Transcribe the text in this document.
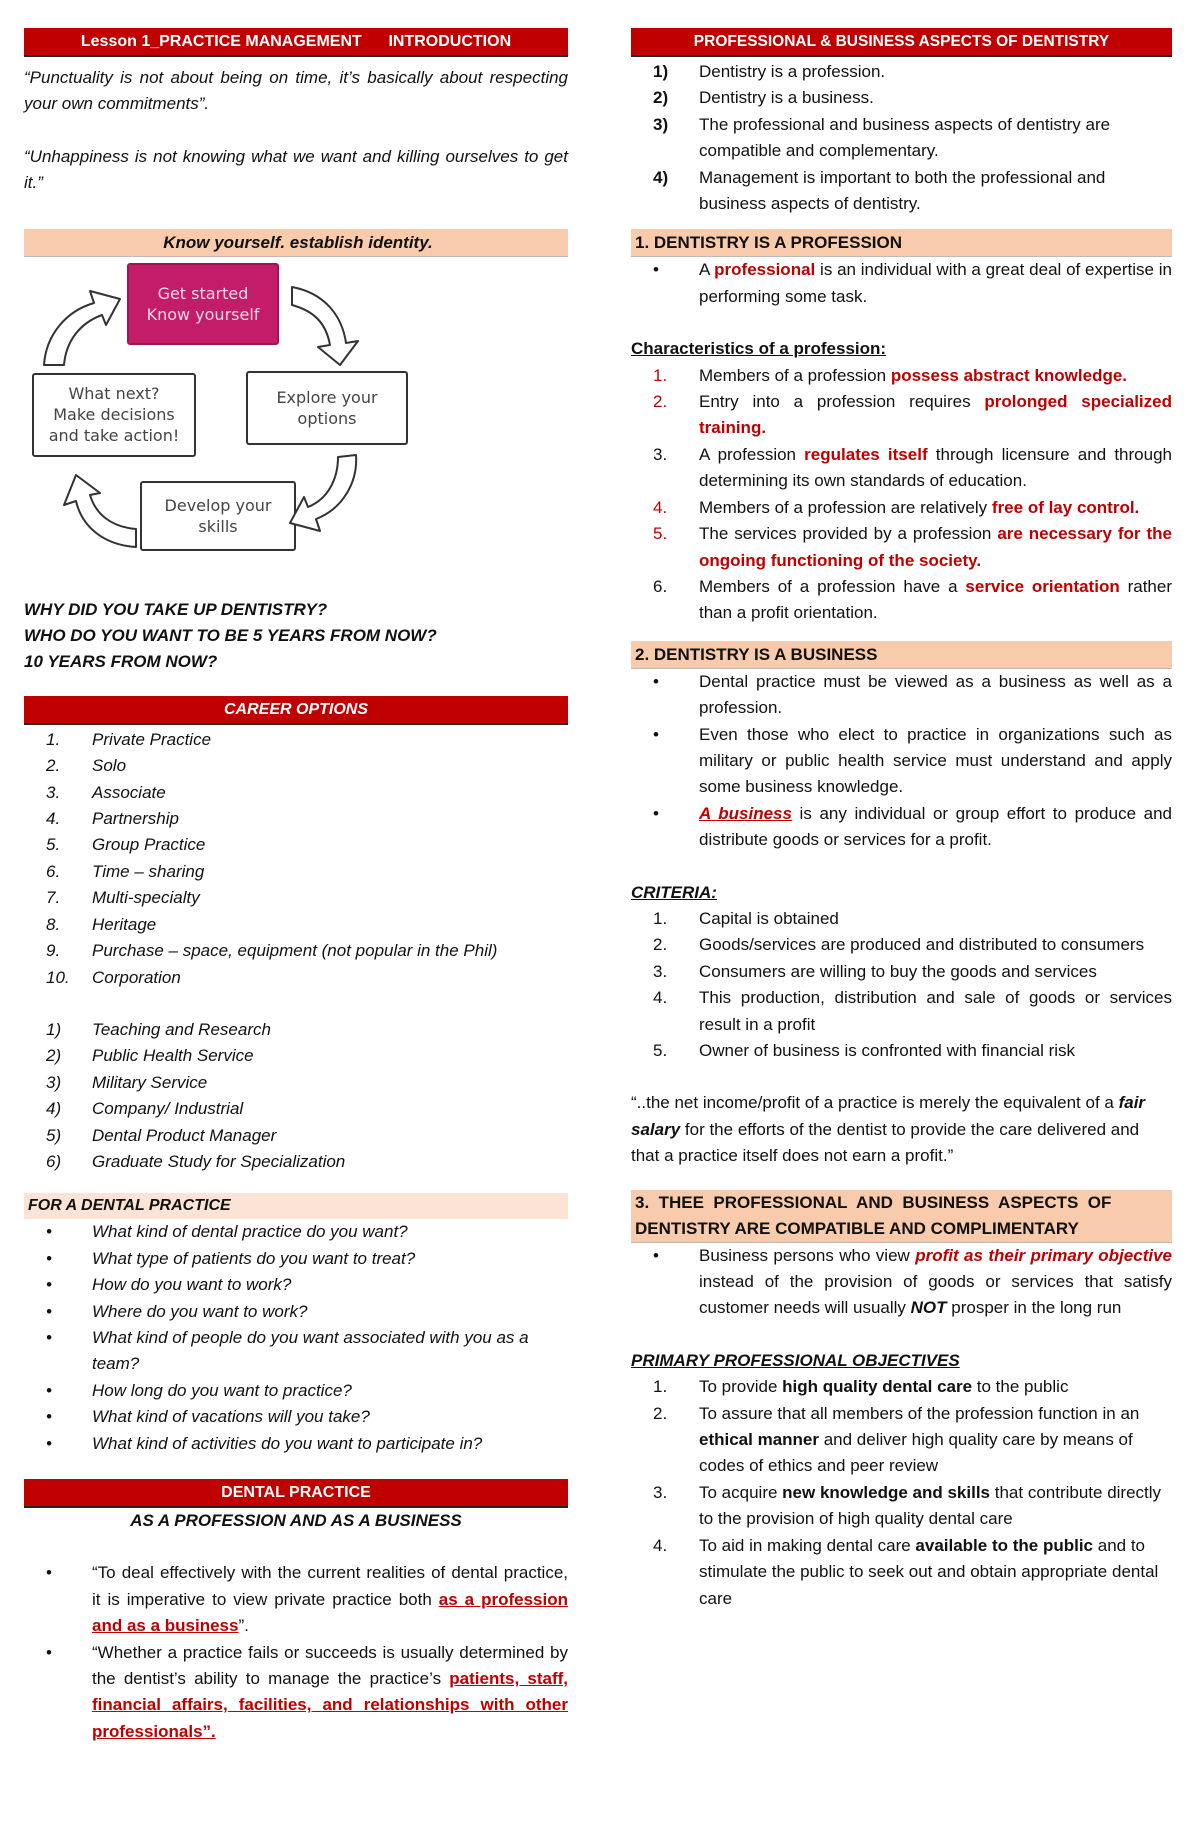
Lesson 1_PRACTICE MANAGEMENT      INTRODUCTION

“Punctuality is not about being on time, it’s basically about respecting your own commitments”.

“Unhappiness is not knowing what we want and killing ourselves to get it.”

Know yourself. establish identity.
Get started
Know yourself
Explore your
options
Develop your
skills
What next?
Make decisions
and take action!
WHY DID YOU TAKE UP DENTISTRY?
WHO DO YOU WANT TO BE 5 YEARS FROM NOW?
10 YEARS FROM NOW?
CAREER OPTIONS
1.	Private Practice
2.	Solo
3.	Associate
4.	Partnership
5.	Group Practice
6.	Time – sharing
7.	Multi-specialty
8.	Heritage
9.	Purchase – space, equipment (not popular in the Phil)
10.	Corporation
1)	Teaching and Research
2)	Public Health Service
3)	Military Service
4)	Company/ Industrial
5)	Dental Product Manager
6)	Graduate Study for Specialization
FOR A DENTAL PRACTICE
•	What kind of dental practice do you want?
•	What type of patients do you want to treat?
•	How do you want to work?
•	Where do you want to work?
•	What kind of people do you want associated with you as a team?
•	How long do you want to practice?
•	What kind of vacations will you take?
•	What kind of activities do you want to participate in?
DENTAL PRACTICE
AS A PROFESSION AND AS A BUSINESS
•	“To deal effectively with the current realities of dental practice, it is imperative to view private practice both as a profession and as a business”.
•	“Whether a practice fails or succeeds is usually determined by the dentist’s ability to manage the practice’s patients, staff, financial affairs, facilities, and relationships with other professionals”.
PROFESSIONAL & BUSINESS ASPECTS OF DENTISTRY
1)	Dentistry is a profession.
2)	Dentistry is a business.
3)	The professional and business aspects of dentistry are compatible and complementary.
4)	Management is important to both the professional and business aspects of dentistry.
1. DENTISTRY IS A PROFESSION
•	A professional is an individual with a great deal of expertise in performing some task.
Characteristics of a profession:
1.	Members of a profession possess abstract knowledge.
2.	Entry into a profession requires prolonged specialized training.
3.	A profession regulates itself through licensure and through determining its own standards of education.
4.	Members of a profession are relatively free of lay control.
5.	The services provided by a profession are necessary for the ongoing functioning of the society.
6.	Members of a profession have a service orientation rather than a profit orientation.
2. DENTISTRY IS A BUSINESS
•	Dental practice must be viewed as a business as well as a profession.
•	Even those who elect to practice in organizations such as military or public health service must understand and apply some business knowledge.
•	A business is any individual or group effort to produce and distribute goods or services for a profit.
CRITERIA:
1.	Capital is obtained
2.	Goods/services are produced and distributed to consumers
3.	Consumers are willing to buy the goods and services
4.	This production, distribution and sale of goods or services result in a profit
5.	Owner of business is confronted with financial risk

“..the net income/profit of a practice is merely the equivalent of a fair salary for the efforts of the dentist to provide the care delivered and that a practice itself does not earn a profit.”

3.  THEE  PROFESSIONAL  AND  BUSINESS  ASPECTS  OF
DENTISTRY ARE COMPATIBLE AND COMPLIMENTARY
•	Business persons who view profit as their primary objective instead of the provision of goods or services that satisfy customer needs will usually NOT prosper in the long run
PRIMARY PROFESSIONAL OBJECTIVES
1.	To provide high quality dental care to the public
2.	To assure that all members of the profession function in an ethical manner and deliver high quality care by means of codes of ethics and peer review
3.	To acquire new knowledge and skills that contribute directly to the provision of high quality dental care
4.	To aid in making dental care available to the public and to stimulate the public to seek out and obtain appropriate dental care
